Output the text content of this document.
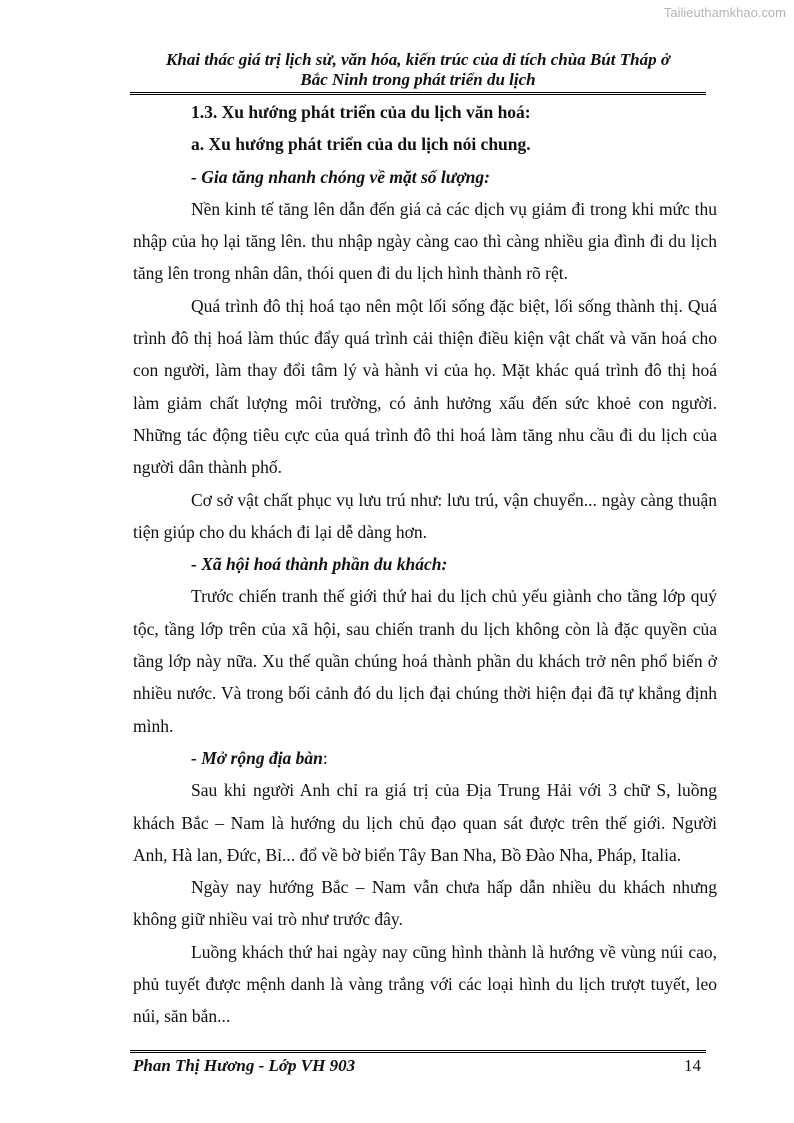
Tailieuthamkhao.com
Khai thác giá trị lịch sử, văn hóa, kiến trúc của di tích chùa Bút Tháp ở
Bắc Ninh trong phát triển du lịch

1.3. Xu hướng phát triển của du lịch văn hoá:

a. Xu hướng phát triển của du lịch nói chung.

- Gia tăng nhanh chóng về mặt số lượng:

Nền kinh tế tăng lên dẫn đến giá cả các dịch vụ giảm đi trong khi mức thu nhập của họ lại tăng lên. thu nhập ngày càng cao thì càng nhiều gia đình đi du lịch tăng lên trong nhân dân, thói quen đi du lịch hình thành rõ rệt.

Quá trình đô thị hoá tạo nên một lối sống đặc biệt, lối sống thành thị. Quá trình đô thị hoá làm thúc đẩy quá trình cải thiện điều kiện vật chất và văn hoá cho con người, làm thay đổi tâm lý và hành vi của họ. Mặt khác quá trình đô thị hoá làm giảm chất lượng môi trường, có ảnh hưởng xấu đến sức khoẻ con người. Những tác động tiêu cực của quá trình đô thi hoá làm tăng nhu cầu đi du lịch của người dân thành phố.

Cơ sở vật chất phục vụ lưu trú như: lưu trú, vận chuyển... ngày càng thuận tiện giúp cho du khách đi lại dễ dàng hơn.

- Xã hội hoá thành phần du khách:

Trước chiến tranh thế giới thứ hai du lịch chủ yếu giành cho tầng lớp quý tộc, tầng lớp trên của xã hội, sau chiến tranh du lịch không còn là đặc quyền của tầng lớp này nữa. Xu thế quần chúng hoá thành phần du khách trở nên phổ biến ở nhiều nước. Và trong bối cảnh đó du lịch đại chúng thời hiện đại đã tự khẳng định mình.

- Mở rộng địa bàn:

Sau khi người Anh chỉ ra giá trị của Địa Trung Hải với 3 chữ S, luồng khách Bắc – Nam là hướng du lịch chủ đạo quan sát được trên thế giới. Người Anh, Hà lan, Đức, Bỉ... đổ về bờ biển Tây Ban Nha, Bồ Đào Nha, Pháp, Italia.

Ngày nay hướng Bắc – Nam vẫn chưa hấp dẫn nhiều du khách nhưng không giữ nhiều vai trò như trước đây.

Luồng khách thứ hai ngày nay cũng hình thành là hướng về vùng núi cao, phủ tuyết được mệnh danh là vàng trắng với các loại hình du lịch trượt tuyết, leo núi, săn bắn...

Phan Thị Hương - Lớp VH 903	14
